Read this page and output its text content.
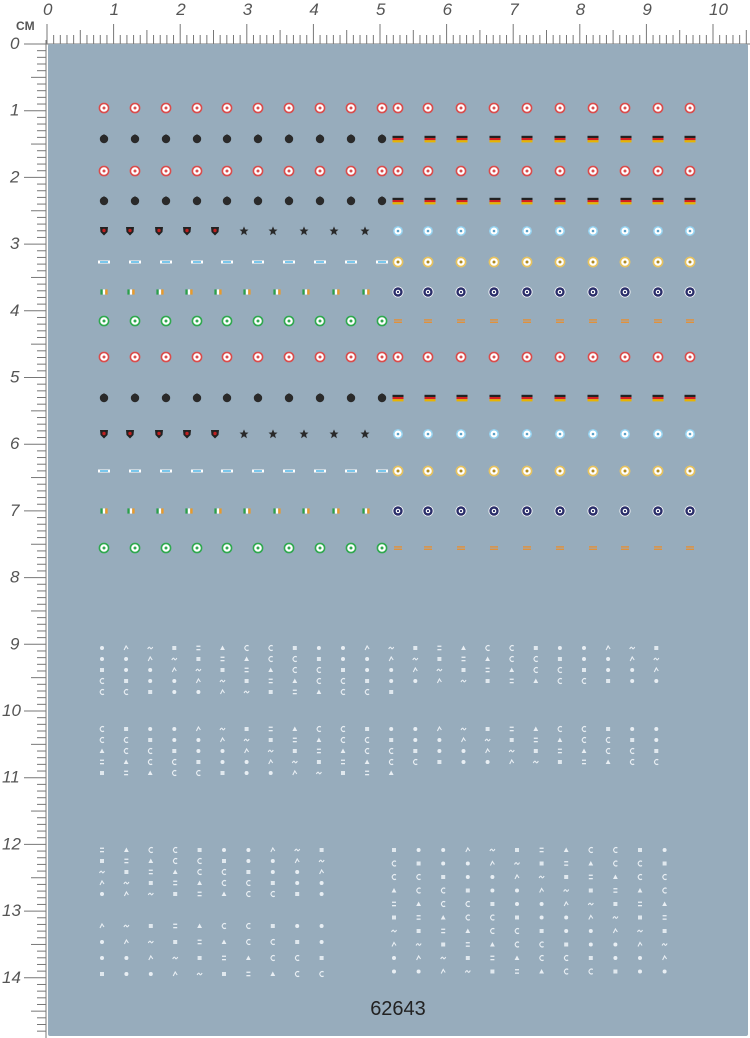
0	1	2	3	4	5	6	7	8	9	10
0
1
2
3
4
5
6
7
8
9
10
11
12
13
14
CM
62643
